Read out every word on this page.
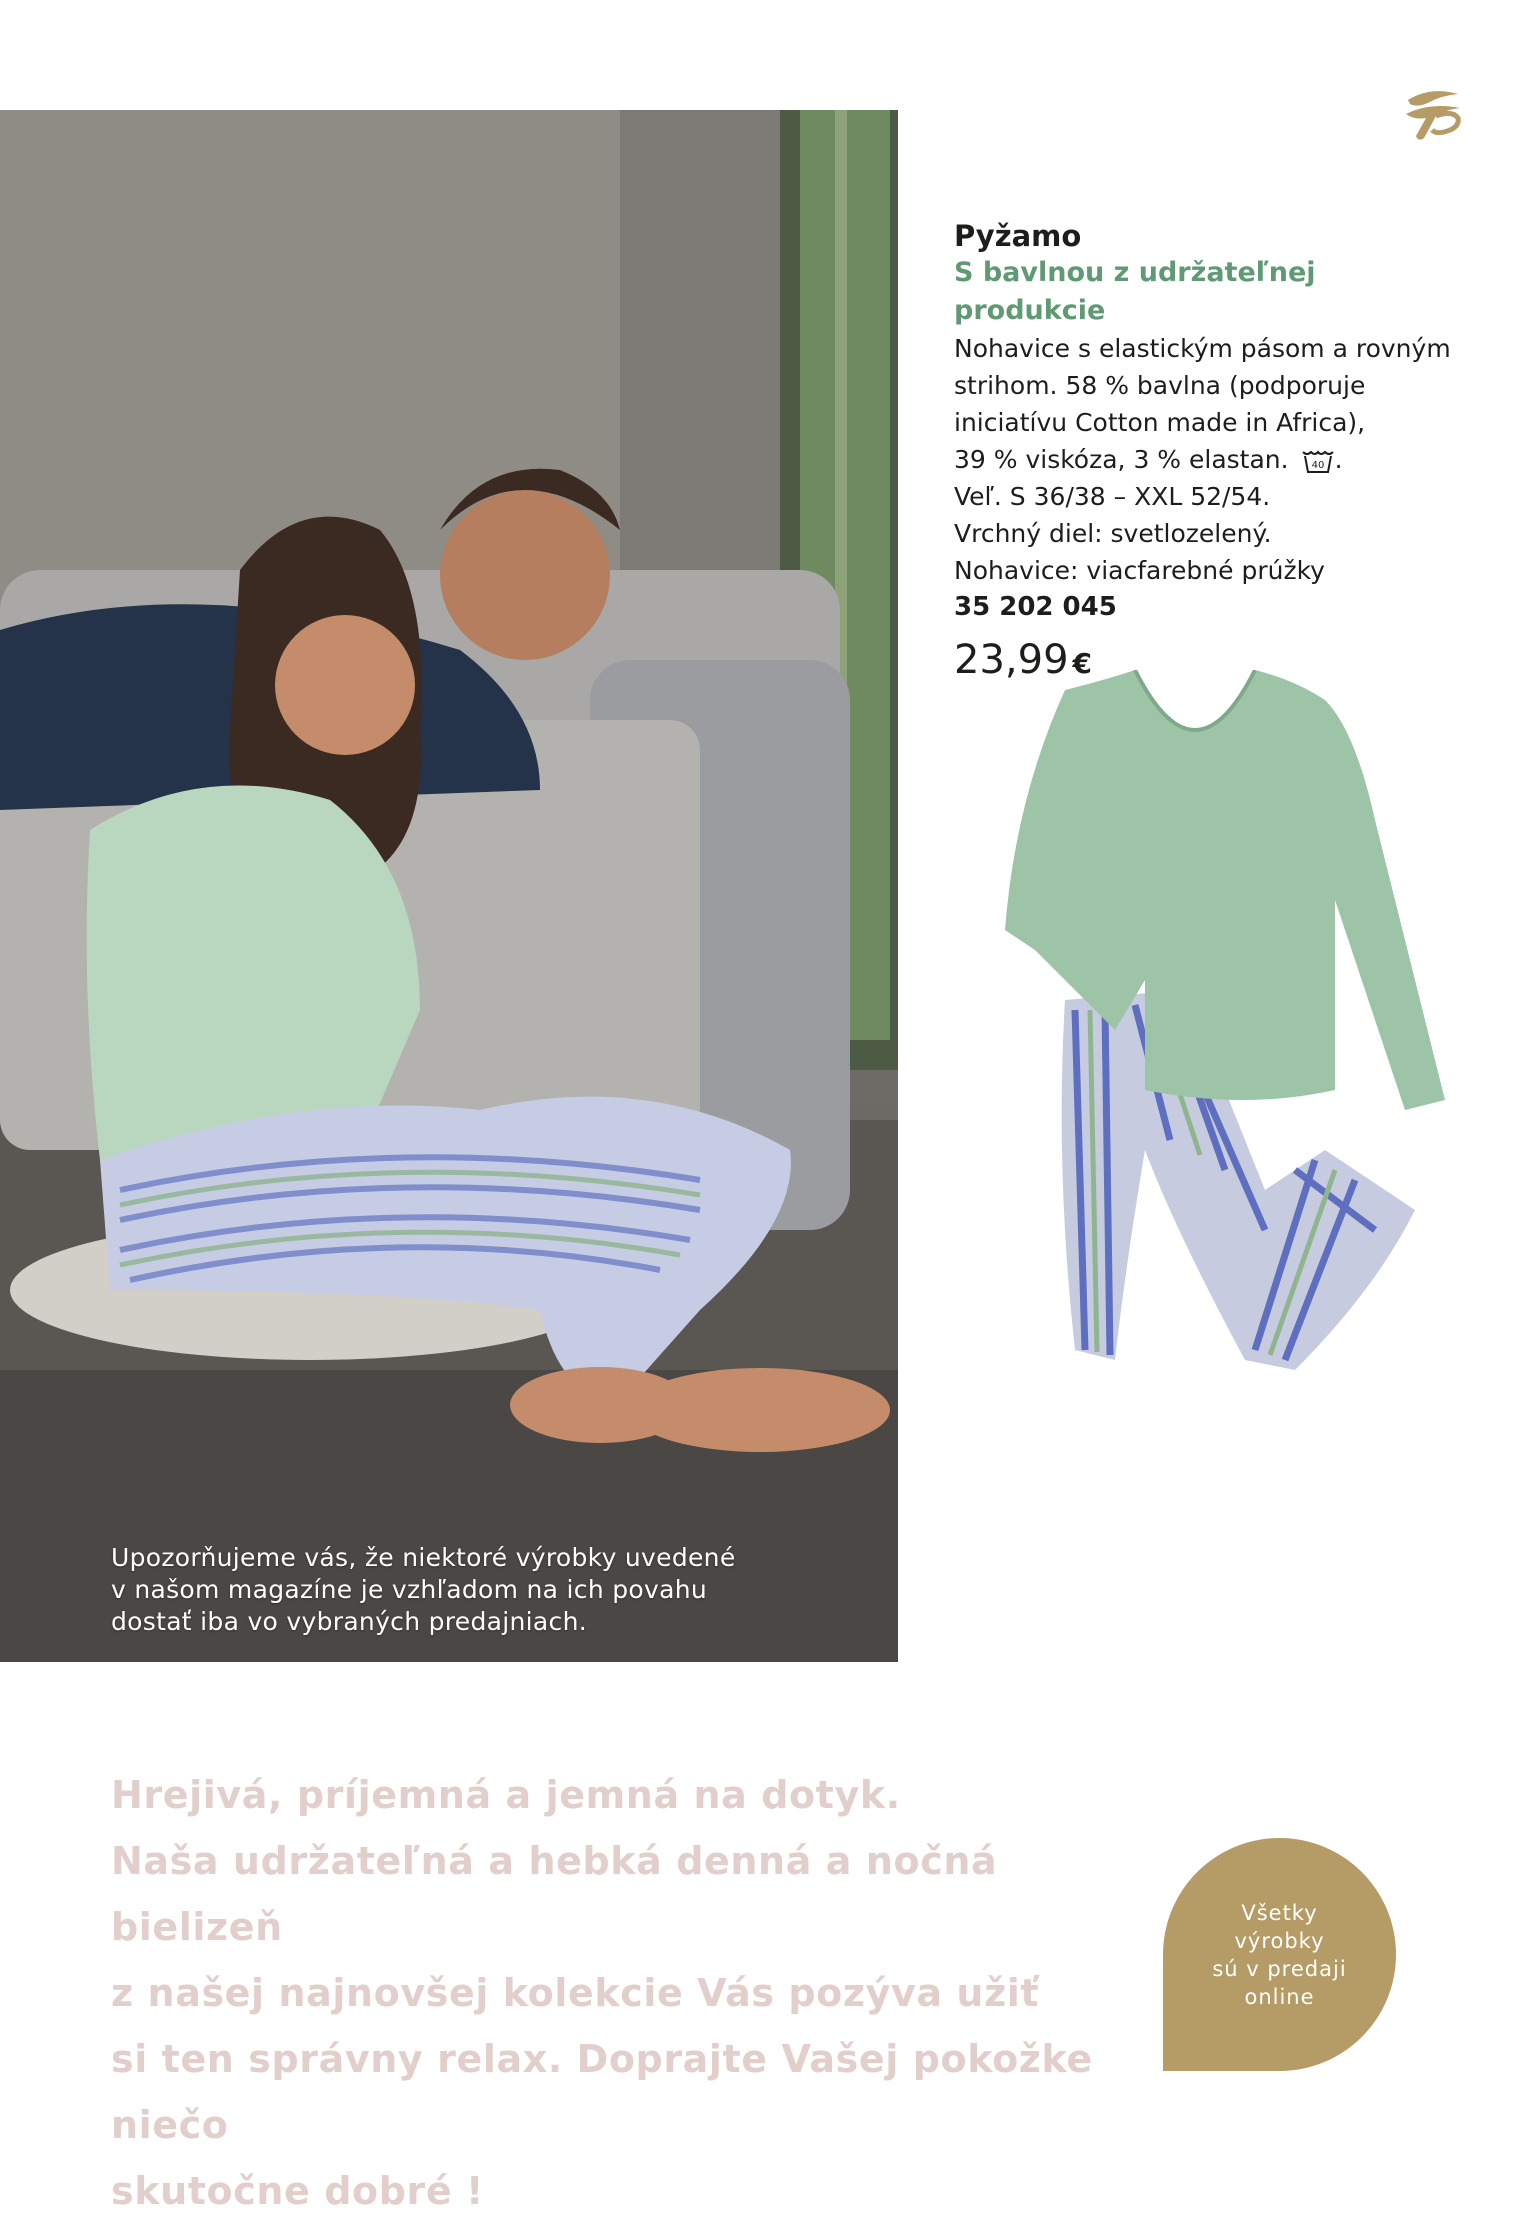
Upozorňujeme vás, že niektoré výrobky uvedené
v našom magazíne je vzhľadom na ich povahu
dostať iba vo vybraných predajniach.

Pyžamo

S bavlnou z udržateľnej produkcie

Nohavice s elastickým pásom a rovným
strihom. 58 % bavlna (podporuje
iniciatívu Cotton made in Africa),
39 % viskóza, 3 % elastan. 40 .
Veľ. S 36/38 – XXL 52/54.
Vrchný diel: svetlozelený.
Nohavice: viacfarebné prúžky

35 202 045

23,99 €

Hrejivá, príjemná a jemná na dotyk.
Naša udržateľná a hebká denná a nočná bielizeň
z našej najnovšej kolekcie Vás pozýva užiť
si ten správny relax. Doprajte Vašej pokožke niečo
skutočne dobré !
Všetky
výrobky
sú v predaji
online
